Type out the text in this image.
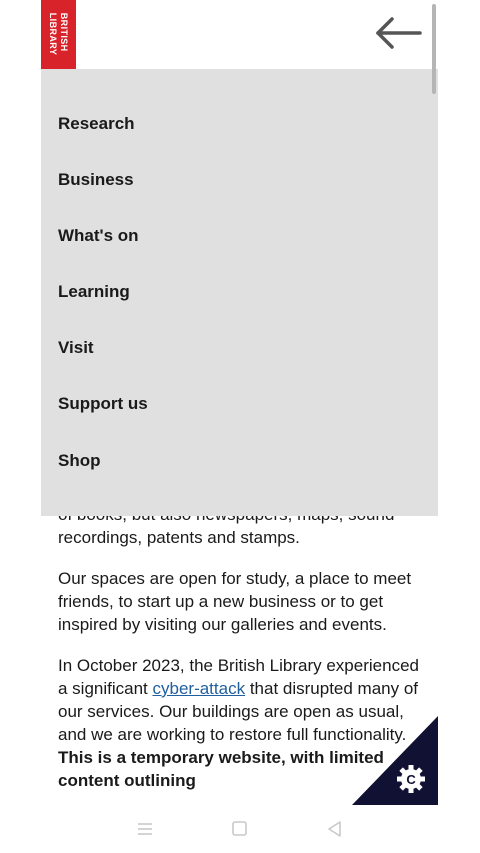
recordings, patents and stamps.

Our spaces are open for study, a place to meet friends, to start up a new business or to get inspired by visiting our galleries and events.

In October 2023, the British Library experienced a significant cyber-attack that disrupted many of our services. Our buildings are open as usual, and we are working to restore full functionality. This is a temporary website, with limited content outlining

BRITISH
LIBRARY
Research
Business
What's on
Learning
Visit
Support us
Shop
C
